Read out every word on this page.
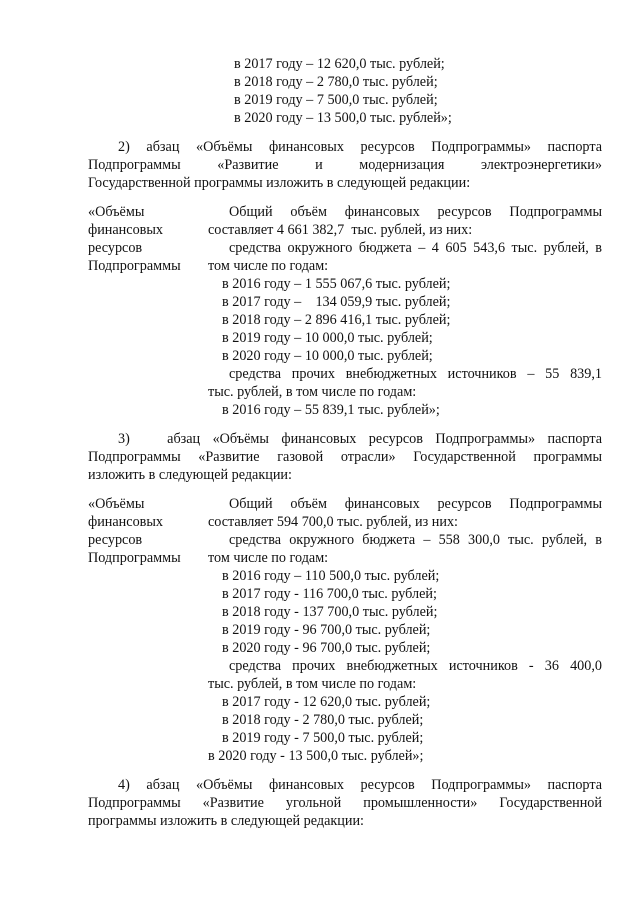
в 2017 году – 12 620,0 тыс. рублей;
в 2018 году – 2 780,0 тыс. рублей;
в 2019 году – 7 500,0 тыс. рублей;
в 2020 году – 13 500,0 тыс. рублей»;
2) абзац «Объёмы финансовых ресурсов Подпрограммы» паспорта
Подпрограммы «Развитие и модернизация электроэнергетики»
Государственной программы изложить в следующей редакции:
«Объёмы
финансовых
ресурсов
Подпрограммы
Общий объём финансовых ресурсов Подпрограммы
составляет 4 661 382,7  тыс. рублей, из них:
средства окружного бюджета – 4 605 543,6 тыс. рублей, в
том числе по годам:
в 2016 году – 1 555 067,6 тыс. рублей;
в 2017 году –    134 059,9 тыс. рублей;
в 2018 году – 2 896 416,1 тыс. рублей;
в 2019 году – 10 000,0 тыс. рублей;
в 2020 году – 10 000,0 тыс. рублей;
средства прочих внебюджетных источников – 55 839,1
тыс. рублей, в том числе по годам:
в 2016 году – 55 839,1 тыс. рублей»;
3)   абзац «Объёмы финансовых ресурсов Подпрограммы» паспорта
Подпрограммы «Развитие газовой отрасли» Государственной программы
изложить в следующей редакции:
«Объёмы
финансовых
ресурсов
Подпрограммы
Общий объём финансовых ресурсов Подпрограммы
составляет 594 700,0 тыс. рублей, из них:
средства окружного бюджета – 558 300,0 тыс. рублей, в
том числе по годам:
в 2016 году – 110 500,0 тыс. рублей;
в 2017 году - 116 700,0 тыс. рублей;
в 2018 году - 137 700,0 тыс. рублей;
в 2019 году - 96 700,0 тыс. рублей;
в 2020 году - 96 700,0 тыс. рублей;
средства прочих внебюджетных источников - 36 400,0
тыс. рублей, в том числе по годам:
в 2017 году - 12 620,0 тыс. рублей;
в 2018 году - 2 780,0 тыс. рублей;
в 2019 году - 7 500,0 тыс. рублей;
в 2020 году - 13 500,0 тыс. рублей»;
4) абзац «Объёмы финансовых ресурсов Подпрограммы» паспорта
Подпрограммы «Развитие угольной промышленности» Государственной
программы изложить в следующей редакции:
